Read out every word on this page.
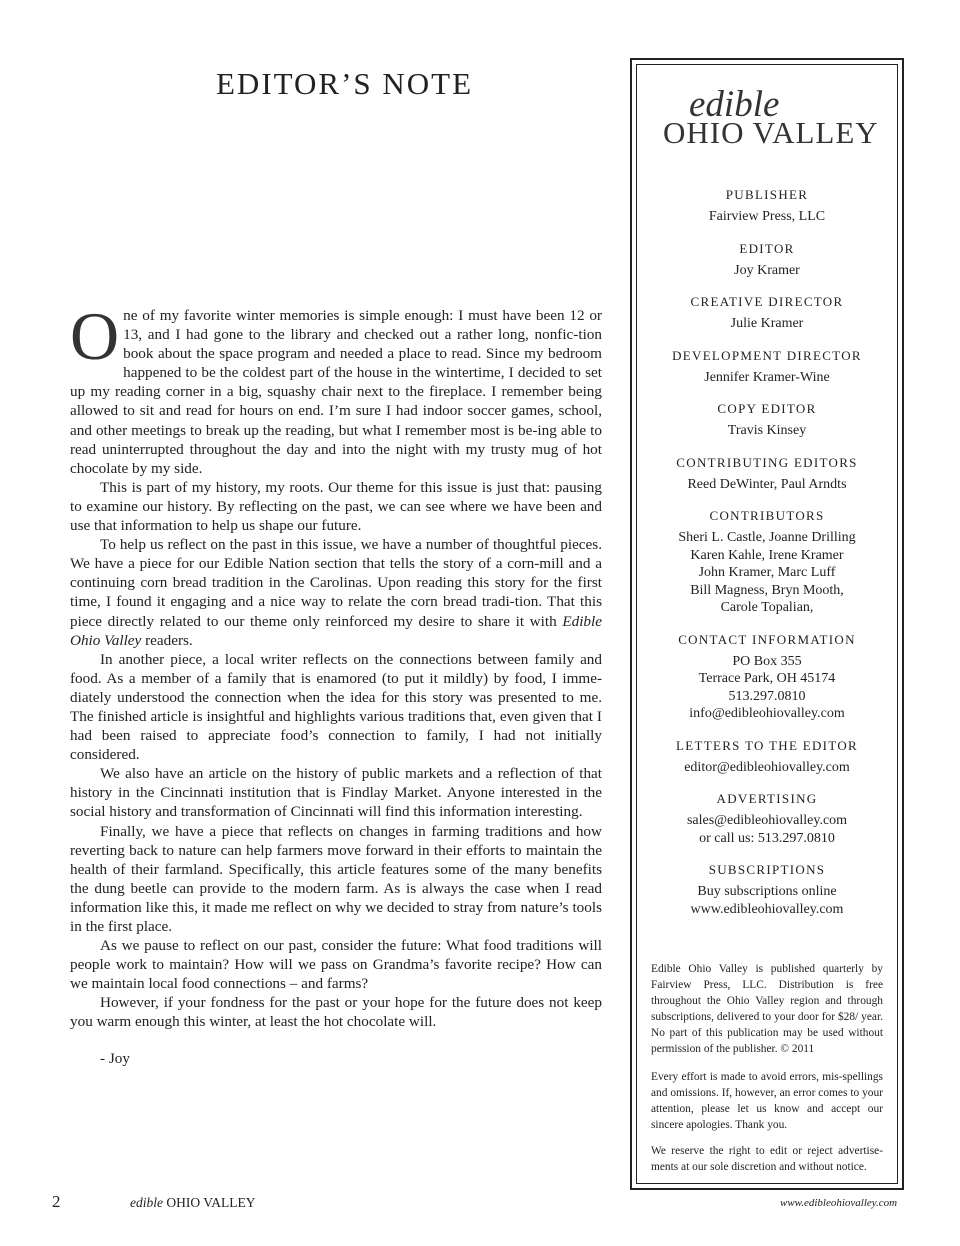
EDITOR’S NOTE

One of my favorite winter memories is simple enough: I must have been 12 or 13, and I had gone to the library and checked out a rather long, nonfic-tion book about the space program and needed a place to read. Since my bedroom happened to be the coldest part of the house in the wintertime, I decided to set up my reading corner in a big, squashy chair next to the fireplace. I remember being allowed to sit and read for hours on end. I’m sure I had indoor soccer games, school, and other meetings to break up the reading, but what I remember most is be-ing able to read uninterrupted throughout the day and into the night with my trusty mug of hot chocolate by my side.

This is part of my history, my roots. Our theme for this issue is just that: pausing to examine our history. By reflecting on the past, we can see where we have been and use that information to help us shape our future.

To help us reflect on the past in this issue, we have a number of thoughtful pieces. We have a piece for our Edible Nation section that tells the story of a corn-mill and a continuing corn bread tradition in the Carolinas. Upon reading this story for the first time, I found it engaging and a nice way to relate the corn bread tradi-tion. That this piece directly related to our theme only reinforced my desire to share it with Edible Ohio Valley readers.

In another piece, a local writer reflects on the connections between family and food. As a member of a family that is enamored (to put it mildly) by food, I imme-diately understood the connection when the idea for this story was presented to me. The finished article is insightful and highlights various traditions that, even given that I had been raised to appreciate food’s connection to family, I had not initially considered.

We also have an article on the history of public markets and a reflection of that history in the Cincinnati institution that is Findlay Market. Anyone interested in the social history and transformation of Cincinnati will find this information interesting.

Finally, we have a piece that reflects on changes in farming traditions and how reverting back to nature can help farmers move forward in their efforts to maintain the health of their farmland. Specifically, this article features some of the many benefits the dung beetle can provide to the modern farm. As is always the case when I read information like this, it made me reflect on why we decided to stray from nature’s tools in the first place.

As we pause to reflect on our past, consider the future: What food traditions will people work to maintain? How will we pass on Grandma’s favorite recipe? How can we maintain local food connections – and farms?

However, if your fondness for the past or your hope for the future does not keep you warm enough this winter, at least the hot chocolate will.

- Joy
edible
OHIO VALLEY
PUBLISHER
Fairview Press, LLC
EDITOR
Joy Kramer
CREATIVE DIRECTOR
Julie Kramer
DEVELOPMENT DIRECTOR
Jennifer Kramer-Wine
COPY EDITOR
Travis Kinsey
CONTRIBUTING EDITORS
Reed DeWinter, Paul Arndts
CONTRIBUTORS
Sheri L. Castle, Joanne Drilling
Karen Kahle, Irene Kramer
John Kramer, Marc Luff
Bill Magness, Bryn Mooth,
Carole Topalian,
CONTACT INFORMATION
PO Box 355
Terrace Park, OH 45174
513.297.0810
info@edibleohiovalley.com
LETTERS TO THE EDITOR
editor@edibleohiovalley.com
ADVERTISING
sales@edibleohiovalley.com
or call us: 513.297.0810
SUBSCRIPTIONS
Buy subscriptions online
www.edibleohiovalley.com

Edible Ohio Valley is published quarterly by Fairview Press, LLC. Distribution is free throughout the Ohio Valley region and through subscriptions, delivered to your door for $28/ year. No part of this publication may be used without permission of the publisher. © 2011

Every effort is made to avoid errors, mis-spellings and omissions. If, however, an error comes to your attention, please let us know and accept our sincere apologies. Thank you.

We reserve the right to edit or reject advertise-ments at our sole discretion and without notice.

2	edible OHIO VALLEY	www.edibleohiovalley.com
